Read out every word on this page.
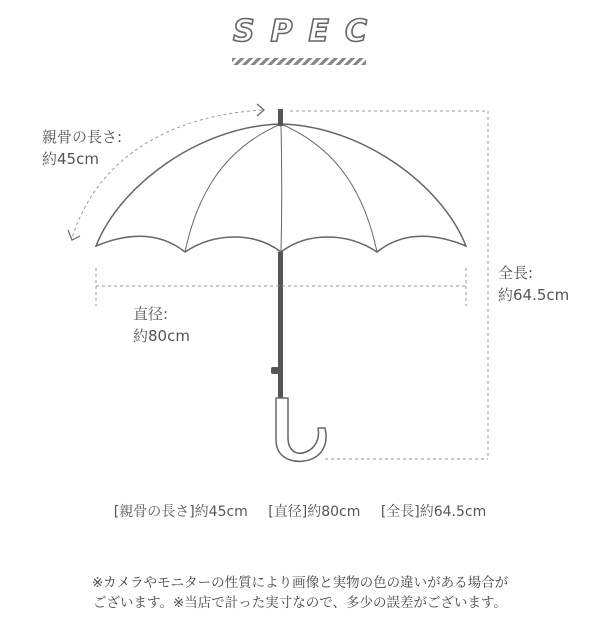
SPEC
親骨の長さ:
約45cm
直径:
約80cm
全長:
約64.5cm
[親骨の長さ]約45cm [直径]約80cm [全長]約64.5cm
※カメラやモニターの性質により画像と実物の色の違いがある場合が
ございます。※当店で計った実寸なので、多少の誤差がございます。
